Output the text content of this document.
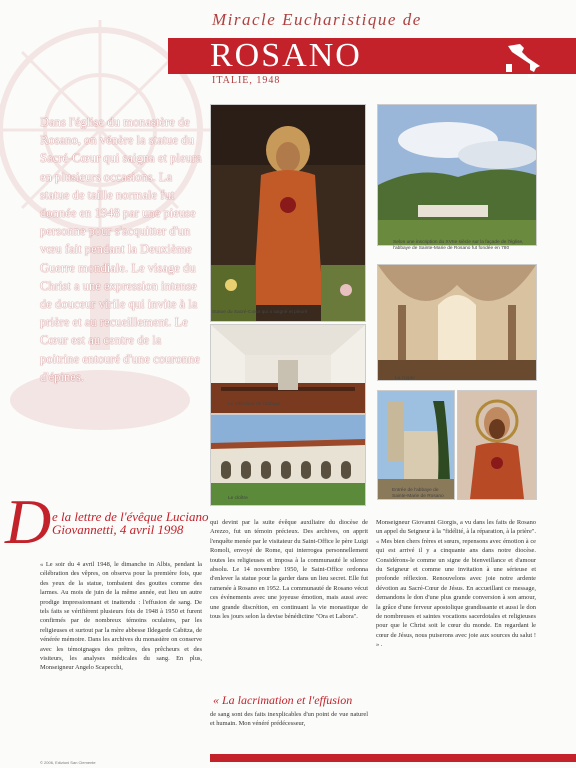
Miracle Eucharistique de
ROSANO
ITALIE, 1948
Dans l'église du monastère de Rosano, on vénère la statue du Sacré-Cœur qui saigna et pleura en plusieurs occasions. La statue de taille normale fut donnée en 1948 par une pieuse personne pour s'acquitter d'un vœu fait pendant la Deuxième Guerre mondiale. Le visage du Christ a une expression intense de douceur virile qui invite à la prière et au recueillement. Le Cœur est au centre de la poitrine entouré d'une couronne d'épines.
Statue du Sacré-Cœur qui a saigné et pleuré
Selon une inscription du XVIIe siècle sur la façade de l'église, l'abbaye de Sainte-Marie de Rosano fut fondée en 780
Le réfectoire de l'abbaye
La crypte
Le cloître
Entrée de l'abbaye de Sainte-Marie de Rosano
D e la lettre de l'évêque Luciano Giovannetti, 4 avril 1998
« Le soir du 4 avril 1948, le dimanche in Albis, pendant la célébration des vêpres, on observa pour la première fois, que des yeux de la statue, tombaient des gouttes comme des larmes. Au mois de juin de la même année, eut lieu un autre prodige impressionnant et inattendu : l'effusion de sang. De tels faits se vérifièrent plusieurs fois de 1948 à 1950 et furent confirmés par de nombreux témoins oculaires, par les religieuses et surtout par la mère abbesse Ildegarde Cabitza, de vénérée mémoire. Dans les archives du monastère on conserve avec les témoignages des prêtres, des prêcheurs et des visiteurs, les analyses médicales du sang. En plus, Monseigneur Angelo Scapecchi,
qui devint par la suite évêque auxiliaire du diocèse de Arezzo, fut un témoin précieux. Des archives, on apprit l'enquête menée par le visitateur du Saint-Office le père Luigi Romoli, envoyé de Rome, qui interrogea personnellement toutes les religieuses et imposa à la communauté le silence absolu. Le 14 novembre 1950, le Saint-Office ordonna d'enlever la statue pour la garder dans un lieu secret. Elle fut ramenée à Rosano en 1952. La communauté de Rosano vécut ces événements avec une joyeuse émotion, mais aussi avec une grande discrétion, en continuant la vie monastique de tous les jours selon la devise bénédictine "Ora et Labora".
« La lacrimation et l'effusion
de sang sont des faits inexplicables d'un point de vue naturel et humain. Mon vénéré prédécesseur,
Monseigneur Giovanni Giorgis, a vu dans les faits de Rosano un appel du Seigneur à la "fidélité, à la réparation, à la prière". « Mes bien chers frères et sœurs, repensons avec émotion à ce qui est arrivé il y a cinquante ans dans notre diocèse. Considérons-le comme un signe de bienveillance et d'amour du Seigneur et comme une invitation à une sérieuse et profonde réflexion. Renouvelons avec joie notre ardente dévotion au Sacré-Cœur de Jésus. En accueillant ce message, demandons le don d'une plus grande conversion à son amour, la grâce d'une ferveur apostolique grandissante et aussi le don de nombreuses et saintes vocations sacerdotales et religieuses pour que le Christ soit le cœur du monde. En regardant le cœur de Jésus, nous puiserons avec joie aux sources du salut ! » .
© 2006, Edizioni San Clemente
